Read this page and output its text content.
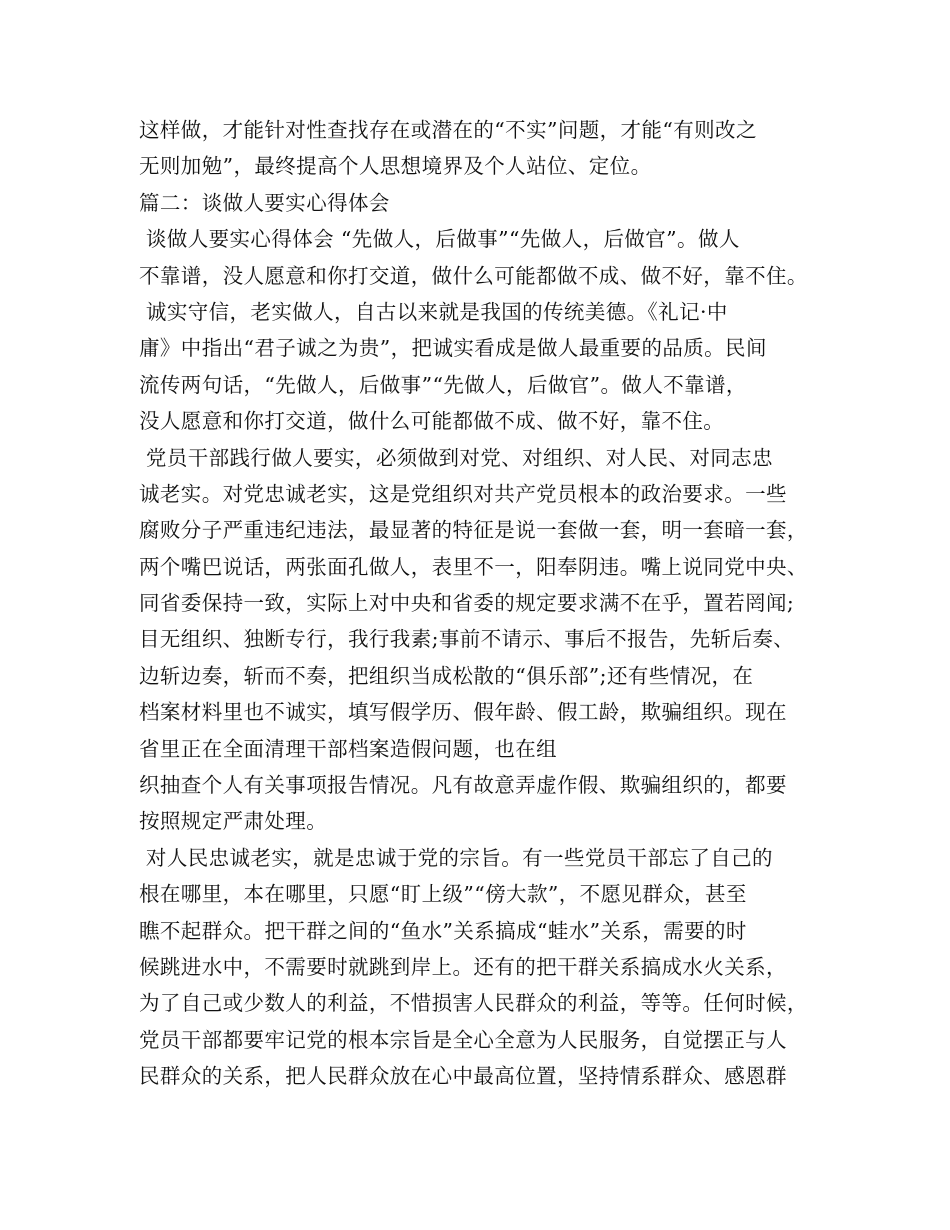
这样做，才能针对性查找存在或潜在的“不实”问题，才能“有则改之
无则加勉”，最终提高个人思想境界及个人站位、定位。
篇二：谈做人要实心得体会
谈做人要实心得体会 “先做人，后做事”“先做人，后做官”。做人
不靠谱，没人愿意和你打交道，做什么可能都做不成、做不好，靠不住。
诚实守信，老实做人，自古以来就是我国的传统美德。《礼记·中
庸》中指出“君子诚之为贵”，把诚实看成是做人最重要的品质。民间
流传两句话，“先做人，后做事”“先做人，后做官”。做人不靠谱，
没人愿意和你打交道，做什么可能都做不成、做不好，靠不住。
党员干部践行做人要实，必须做到对党、对组织、对人民、对同志忠
诚老实。对党忠诚老实，这是党组织对共产党员根本的政治要求。一些
腐败分子严重违纪违法，最显著的特征是说一套做一套，明一套暗一套，
两个嘴巴说话，两张面孔做人，表里不一，阳奉阴违。嘴上说同党中央、
同省委保持一致，实际上对中央和省委的规定要求满不在乎，置若罔闻;
目无组织、独断专行，我行我素;事前不请示、事后不报告，先斩后奏、
边斩边奏，斩而不奏，把组织当成松散的“俱乐部”;还有些情况，在
档案材料里也不诚实，填写假学历、假年龄、假工龄，欺骗组织。现在
省里正在全面清理干部档案造假问题，也在组
织抽查个人有关事项报告情况。凡有故意弄虚作假、欺骗组织的，都要
按照规定严肃处理。
对人民忠诚老实，就是忠诚于党的宗旨。有一些党员干部忘了自己的
根在哪里，本在哪里，只愿“盯上级”“傍大款”，不愿见群众，甚至
瞧不起群众。把干群之间的“鱼水”关系搞成“蛙水”关系，需要的时
候跳进水中，不需要时就跳到岸上。还有的把干群关系搞成水火关系，
为了自己或少数人的利益，不惜损害人民群众的利益，等等。任何时候，
党员干部都要牢记党的根本宗旨是全心全意为人民服务，自觉摆正与人
民群众的关系，把人民群众放在心中最高位置，坚持情系群众、感恩群
